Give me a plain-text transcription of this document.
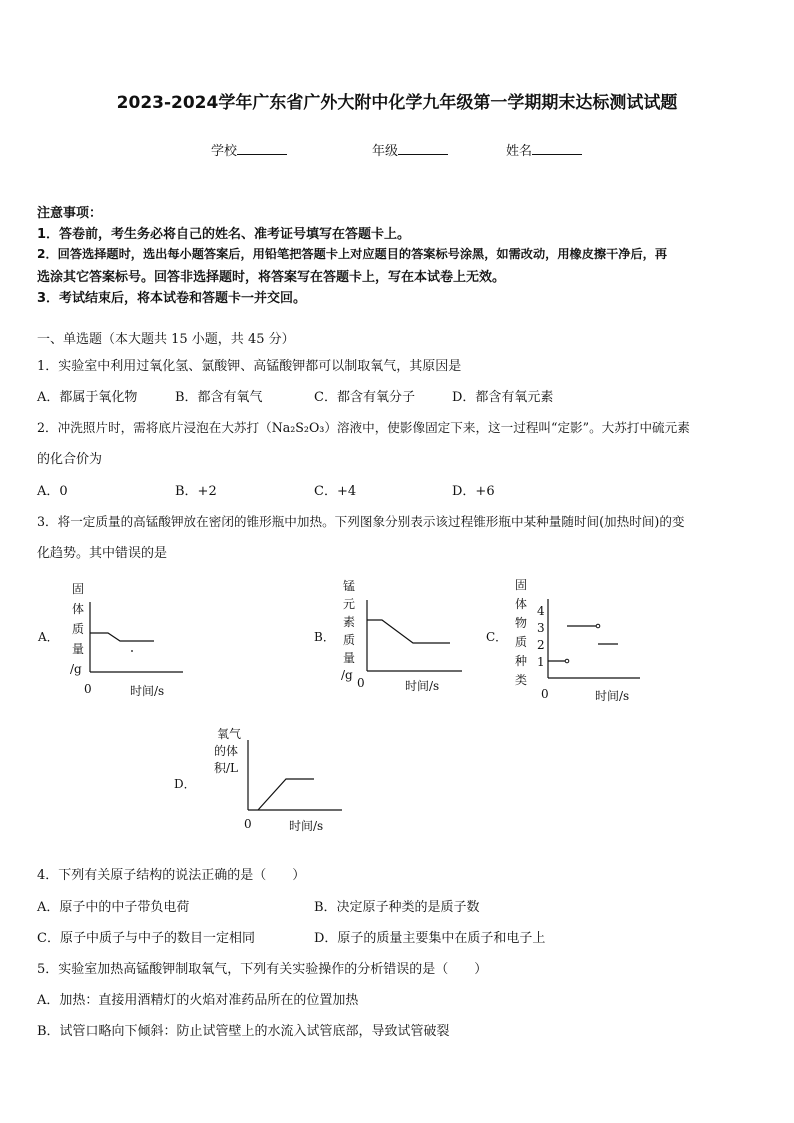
2023-2024学年广东省广外大附中化学九年级第一学期期末达标测试试题
学校	年级	姓名
注意事项：
1．答卷前，考生务必将自己的姓名、准考证号填写在答题卡上。
2．回答选择题时，选出每小题答案后，用铅笔把答题卡上对应题目的答案标号涂黑，如需改动，用橡皮擦干净后，再
选涂其它答案标号。回答非选择题时，将答案写在答题卡上，写在本试卷上无效。
3．考试结束后，将本试卷和答题卡一并交回。
一、单选题（本大题共 15 小题，共 45 分）
1．实验室中利用过氧化氢、氯酸钾、高锰酸钾都可以制取氧气，其原因是
A．都属于氧化物	B．都含有氧气	C．都含有氧分子	D．都含有氧元素
2．冲洗照片时，需将底片浸泡在大苏打（Na₂S₂O₃）溶液中，使影像固定下来，这一过程叫“定影”。大苏打中硫元素
的化合价为
A．0	B．+2	C．+4	D．+6
3．将一定质量的高锰酸钾放在密闭的锥形瓶中加热。下列图象分别表示该过程锥形瓶中某种量随时间(加热时间)的变
化趋势。其中错误的是
A．
固
体
质
量
/g
0	时间/s
B．
锰
元
素
质
量
/g
0	时间/s
C．
固
体
物
质
种
类
4
3
2
1
0	时间/s
D．
氧气
的体
积/L
0	时间/s
4．下列有关原子结构的说法正确的是（　　）
A．原子中的中子带负电荷	B．决定原子种类的是质子数
C．原子中质子与中子的数目一定相同	D．原子的质量主要集中在质子和电子上
5．实验室加热高锰酸钾制取氧气，下列有关实验操作的分析错误的是（　　）
A．加热：直接用酒精灯的火焰对准药品所在的位置加热
B．试管口略向下倾斜：防止试管壁上的水流入试管底部，导致试管破裂
